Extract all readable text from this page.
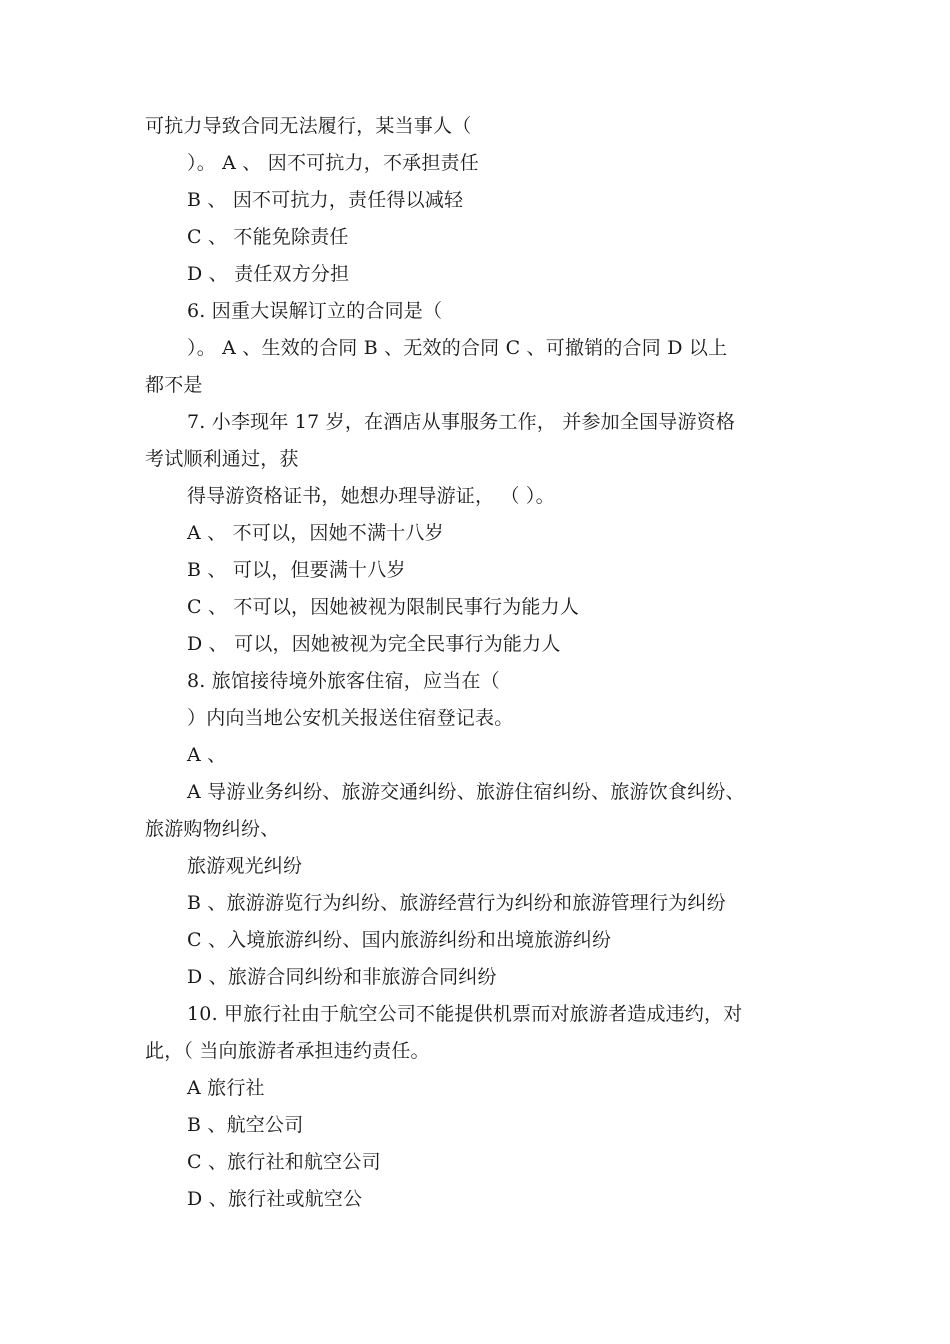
可抗力导致合同无法履行，某当事人（
）。 A 、 因不可抗力，不承担责任
B 、 因不可抗力，责任得以减轻
C 、 不能免除责任
D 、 责任双方分担
6. 因重大误解订立的合同是（
）。 A 、生效的合同 B 、无效的合同 C 、可撤销的合同 D 以上
都不是
7. 小李现年 17 岁，在酒店从事服务工作， 并参加全国导游资格
考试顺利通过，获
得导游资格证书，她想办理导游证， （ ）。
A 、 不可以，因她不满十八岁
B 、 可以，但要满十八岁
C 、 不可以，因她被视为限制民事行为能力人
D 、 可以，因她被视为完全民事行为能力人
8. 旅馆接待境外旅客住宿，应当在（
）内向当地公安机关报送住宿登记表。
A 、
A 导游业务纠纷、旅游交通纠纷、旅游住宿纠纷、旅游饮食纠纷、
旅游购物纠纷、
旅游观光纠纷
B 、旅游游览行为纠纷、旅游经营行为纠纷和旅游管理行为纠纷
C 、入境旅游纠纷、国内旅游纠纷和出境旅游纠纷
D 、旅游合同纠纷和非旅游合同纠纷
10. 甲旅行社由于航空公司不能提供机票而对旅游者造成违约，对
此，（ 当向旅游者承担违约责任。
A 旅行社
B 、航空公司
C 、旅行社和航空公司
D 、旅行社或航空公
